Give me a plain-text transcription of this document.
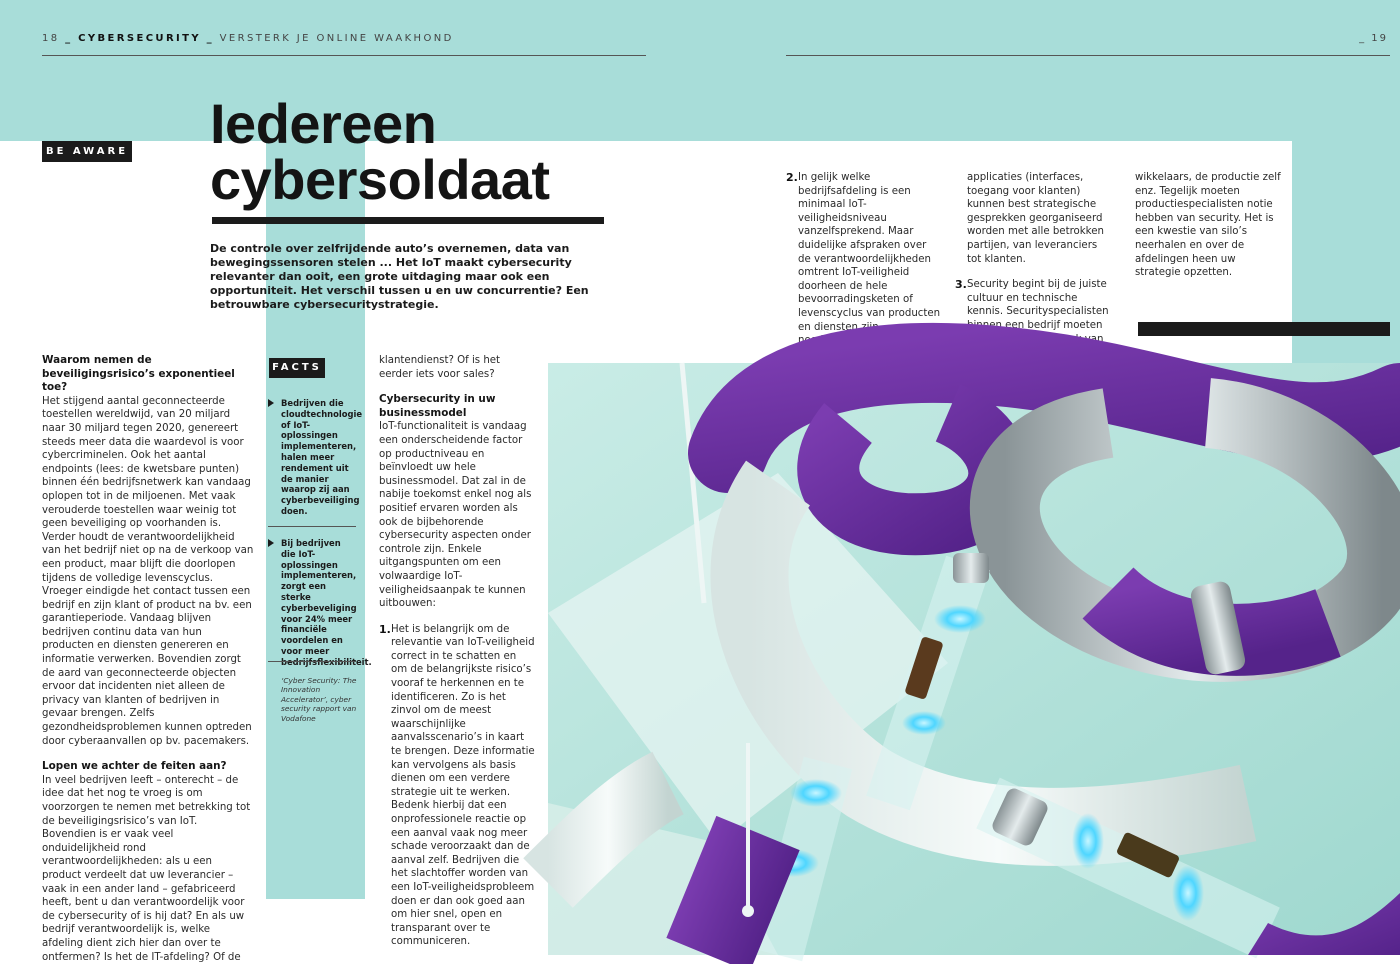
18 _ CYBERSECURITY _ VERSTERK JE ONLINE WAAKHOND	_ 19
BE AWARE Iedereen
cybersoldaat

De controle over zelfrijdende auto’s overnemen, data van bewegingssensoren stelen ... Het IoT maakt cybersecurity relevanter dan ooit, een grote uitdaging maar ook een opportuniteit. Het verschil tussen u en uw concurrentie? Een betrouwbare cybersecuritystrategie.

Waarom nemen de beveiligingsrisico’s exponentieel toe?

Het stijgend aantal geconnecteerde toestellen wereldwijd, van 20 miljard naar 30 miljard tegen 2020, genereert steeds meer data die waardevol is voor cybercriminelen. Ook het aantal endpoints (lees: de kwetsbare punten) binnen één bedrijfsnetwerk kan vandaag oplopen tot in de miljoenen. Met vaak verouderde toestellen waar weinig tot geen beveiliging op voorhanden is.

Verder houdt de verantwoordelijkheid van het bedrijf niet op na de verkoop van een product, maar blijft die doorlopen tijdens de volledige levenscyclus. Vroeger eindigde het contact tussen een bedrijf en zijn klant of product na bv. een garantieperiode. Vandaag blijven bedrijven continu data van hun producten en diensten genereren en informatie verwerken. Bovendien zorgt de aard van geconnecteerde objecten ervoor dat incidenten niet alleen de privacy van klanten of bedrijven in gevaar brengen. Zelfs gezondheidsproblemen kunnen optreden door cyberaanvallen op bv. pacemakers.

Lopen we achter de feiten aan?

In veel bedrijven leeft – onterecht – de idee dat het nog te vroeg is om voorzorgen te nemen met betrekking tot de beveiligingsrisico’s van IoT. Bovendien is er vaak veel onduidelijkheid rond verantwoordelijkheden: als u een product verdeelt dat uw leverancier – vaak in een ander land – gefabriceerd heeft, bent u dan verantwoordelijk voor de cybersecurity of is hij dat? En als uw bedrijf verantwoordelijk is, welke afdeling dient zich hier dan over te ontfermen? Is het de IT-afdeling? Of de

FACTS
Bedrijven die cloudtechnologie of IoT-oplossingen implementeren, halen meer rendement uit de manier waarop zij aan cyberbeveiliging doen.
Bij bedrijven die IoT-oplossingen implementeren, zorgt een sterke cyberbeveliging voor 24% meer financiële voordelen en voor meer
‘Cyber Security: The Innovation Accelerator’, cyber security rapport van Vodafone

klantendienst? Of is het eerder iets voor sales?

Cybersecurity in uw businessmodel

IoT-functionaliteit is vandaag een onderscheidende factor op productniveau en beïnvloedt uw hele businessmodel. Dat zal in de nabije toekomst enkel nog als positief ervaren worden als ook de bijbehorende cybersecurity aspecten onder controle zijn. Enkele uitgangspunten om een volwaardige IoT-veiligheidsaanpak te kunnen uitbouwen:

1. Het is belangrijk om de relevantie van IoT-veiligheid correct in te schatten en om de belangrijkste risico’s vooraf te herkennen en te identificeren. Zo is het zinvol om de meest waarschijnlijke aanvalsscenario’s in kaart te brengen. Deze informatie kan vervolgens als basis dienen om een verdere strategie uit te werken. Bedenk hierbij dat een onprofessionele reactie op een aanval vaak nog meer schade veroorzaakt dan de aanval zelf. Bedrijven die het slachtoffer worden van een IoT-veiligheidsprobleem doen er dan ook goed aan om hier snel, open en transparant over te communiceren.
2. In gelijk welke bedrijfsafdeling is een minimaal IoT-veiligheidsniveau vanzelfsprekend. Maar duidelijke afspraken over de verantwoordelijkheden omtrent IoT-veiligheid doorheen de hele bevoorradingsketen of levenscyclus van producten en diensten zijn noodzakelijk. Zowel op het niveau van hard- en

applicaties (interfaces, toegang voor klanten) kunnen best strategische gesprekken georganiseerd worden met alle betrokken partijen, van leveranciers tot klanten.

3. Security begint bij de juiste cultuur en technische kennis. Securityspecialisten binnen een bedrijf moeten mee zijn met het werk van de productont-

wikkelaars, de productie zelf enz. Tegelijk moeten productiespecialisten notie hebben van security. Het is een kwestie van silo’s neerhalen en over de afdelingen heen uw strategie opzetten.
